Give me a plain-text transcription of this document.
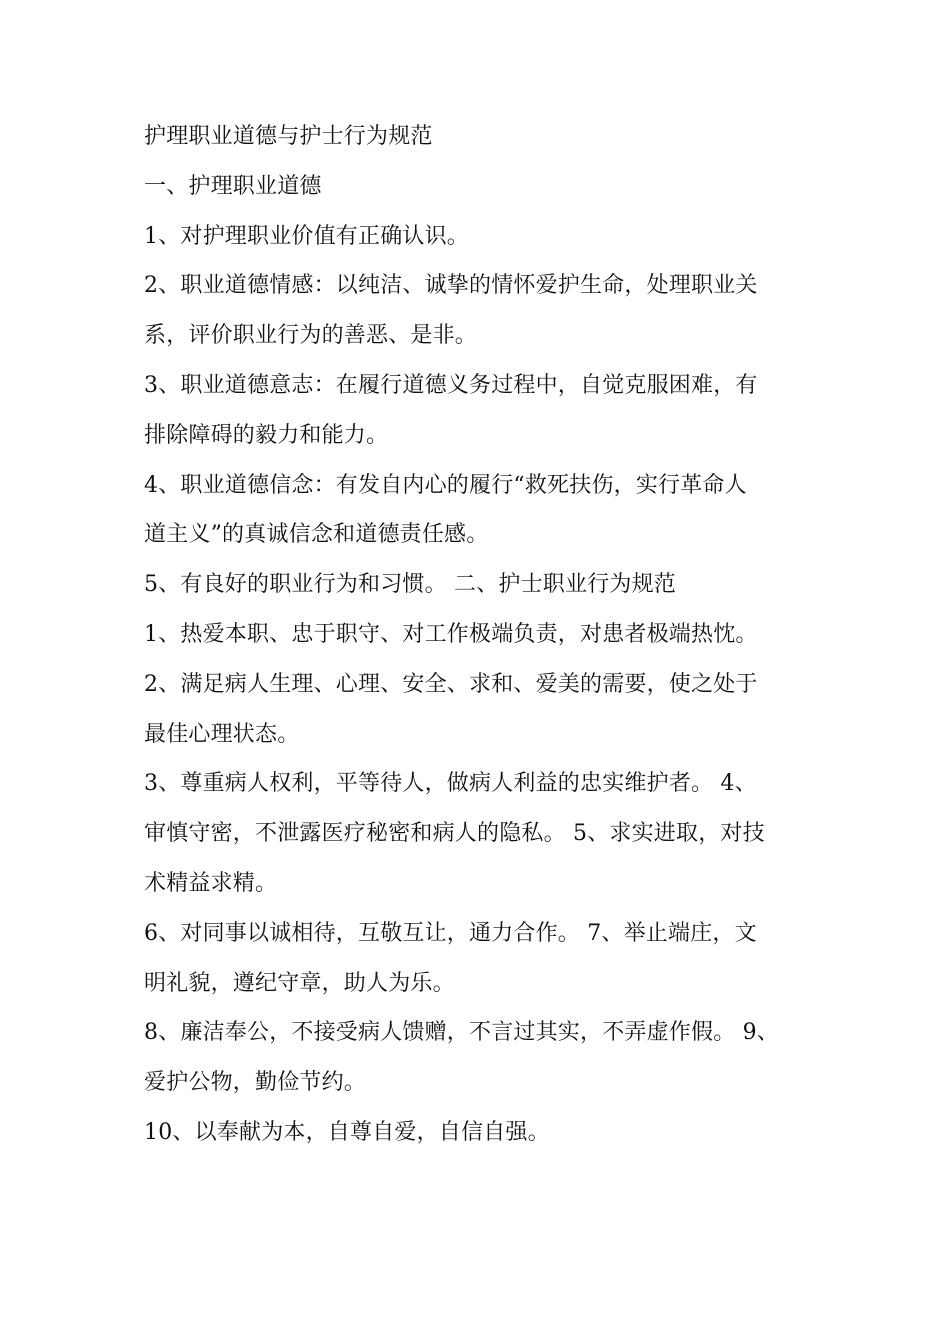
护理职业道德与护士行为规范
一、护理职业道德
1、对护理职业价值有正确认识。
2、职业道德情感：以纯洁、诚挚的情怀爱护生命，处理职业关
系，评价职业行为的善恶、是非。
3、职业道德意志：在履行道德义务过程中，自觉克服困难，有
排除障碍的毅力和能力。
4、职业道德信念：有发自内心的履行“救死扶伤，实行革命人
道主义”的真诚信念和道德责任感。
5、有良好的职业行为和习惯。 二、护士职业行为规范
1、热爱本职、忠于职守、对工作极端负责，对患者极端热忱。
2、满足病人生理、心理、安全、求和、爱美的需要，使之处于
最佳心理状态。
3、尊重病人权利，平等待人，做病人利益的忠实维护者。 4、
审慎守密，不泄露医疗秘密和病人的隐私。 5、求实进取，对技
术精益求精。
6、对同事以诚相待，互敬互让，通力合作。 7、举止端庄，文
明礼貌，遵纪守章，助人为乐。
8、廉洁奉公，不接受病人馈赠，不言过其实，不弄虚作假。 9、
爱护公物，勤俭节约。
10、以奉献为本，自尊自爱，自信自强。
